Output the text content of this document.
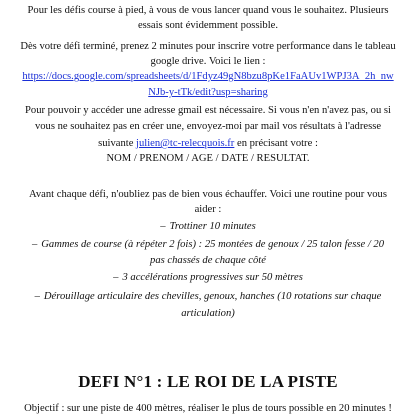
Pour les défis course à pied, à vous de vous lancer quand vous le souhaitez. Plusieurs
essais sont évidemment possible.
Dès votre défi terminé, prenez 2 minutes pour inscrire votre performance dans le tableau
google drive. Voici le lien :
https://docs.google.com/spreadsheets/d/1Fdyz49gN8bzu8pKe1FaAUv1WPJ3A_2h_nw
NJb-y-tTk/edit?usp=sharing
Pour pouvoir y accéder une adresse gmail est nécessaire. Si vous n'en n'avez pas, ou si
vous ne souhaitez pas en créer une, envoyez-moi par mail vos résultats à l'adresse
suivante julien@tc-relecquois.fr en précisant votre :
NOM / PRENOM / AGE / DATE / RESULTAT.
Avant chaque défi, n'oubliez pas de bien vous échauffer. Voici une routine pour vous
aider :
– Trottiner 10 minutes
– Gammes de course (à répéter 2 fois) : 25 montées de genoux / 25 talon fesse / 20
pas chassés de chaque côté
– 3 accélérations progressives sur 50 mètres
– Dérouillage articulaire des chevilles, genoux, hanches (10 rotations sur chaque
articulation)
DEFI N°1 : LE ROI DE LA PISTE
Objectif : sur une piste de 400 mètres, réaliser le plus de tours possible en 20 minutes !
